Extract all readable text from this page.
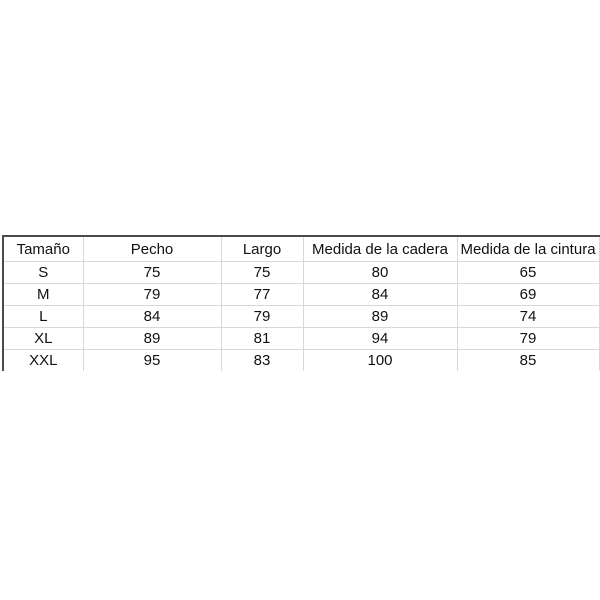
Tamaño	Pecho	Largo	Medida de la cadera	Medida de la cintura
S	75	75	80	65
M	79	77	84	69
L	84	79	89	74
XL	89	81	94	79
XXL	95	83	100	85
